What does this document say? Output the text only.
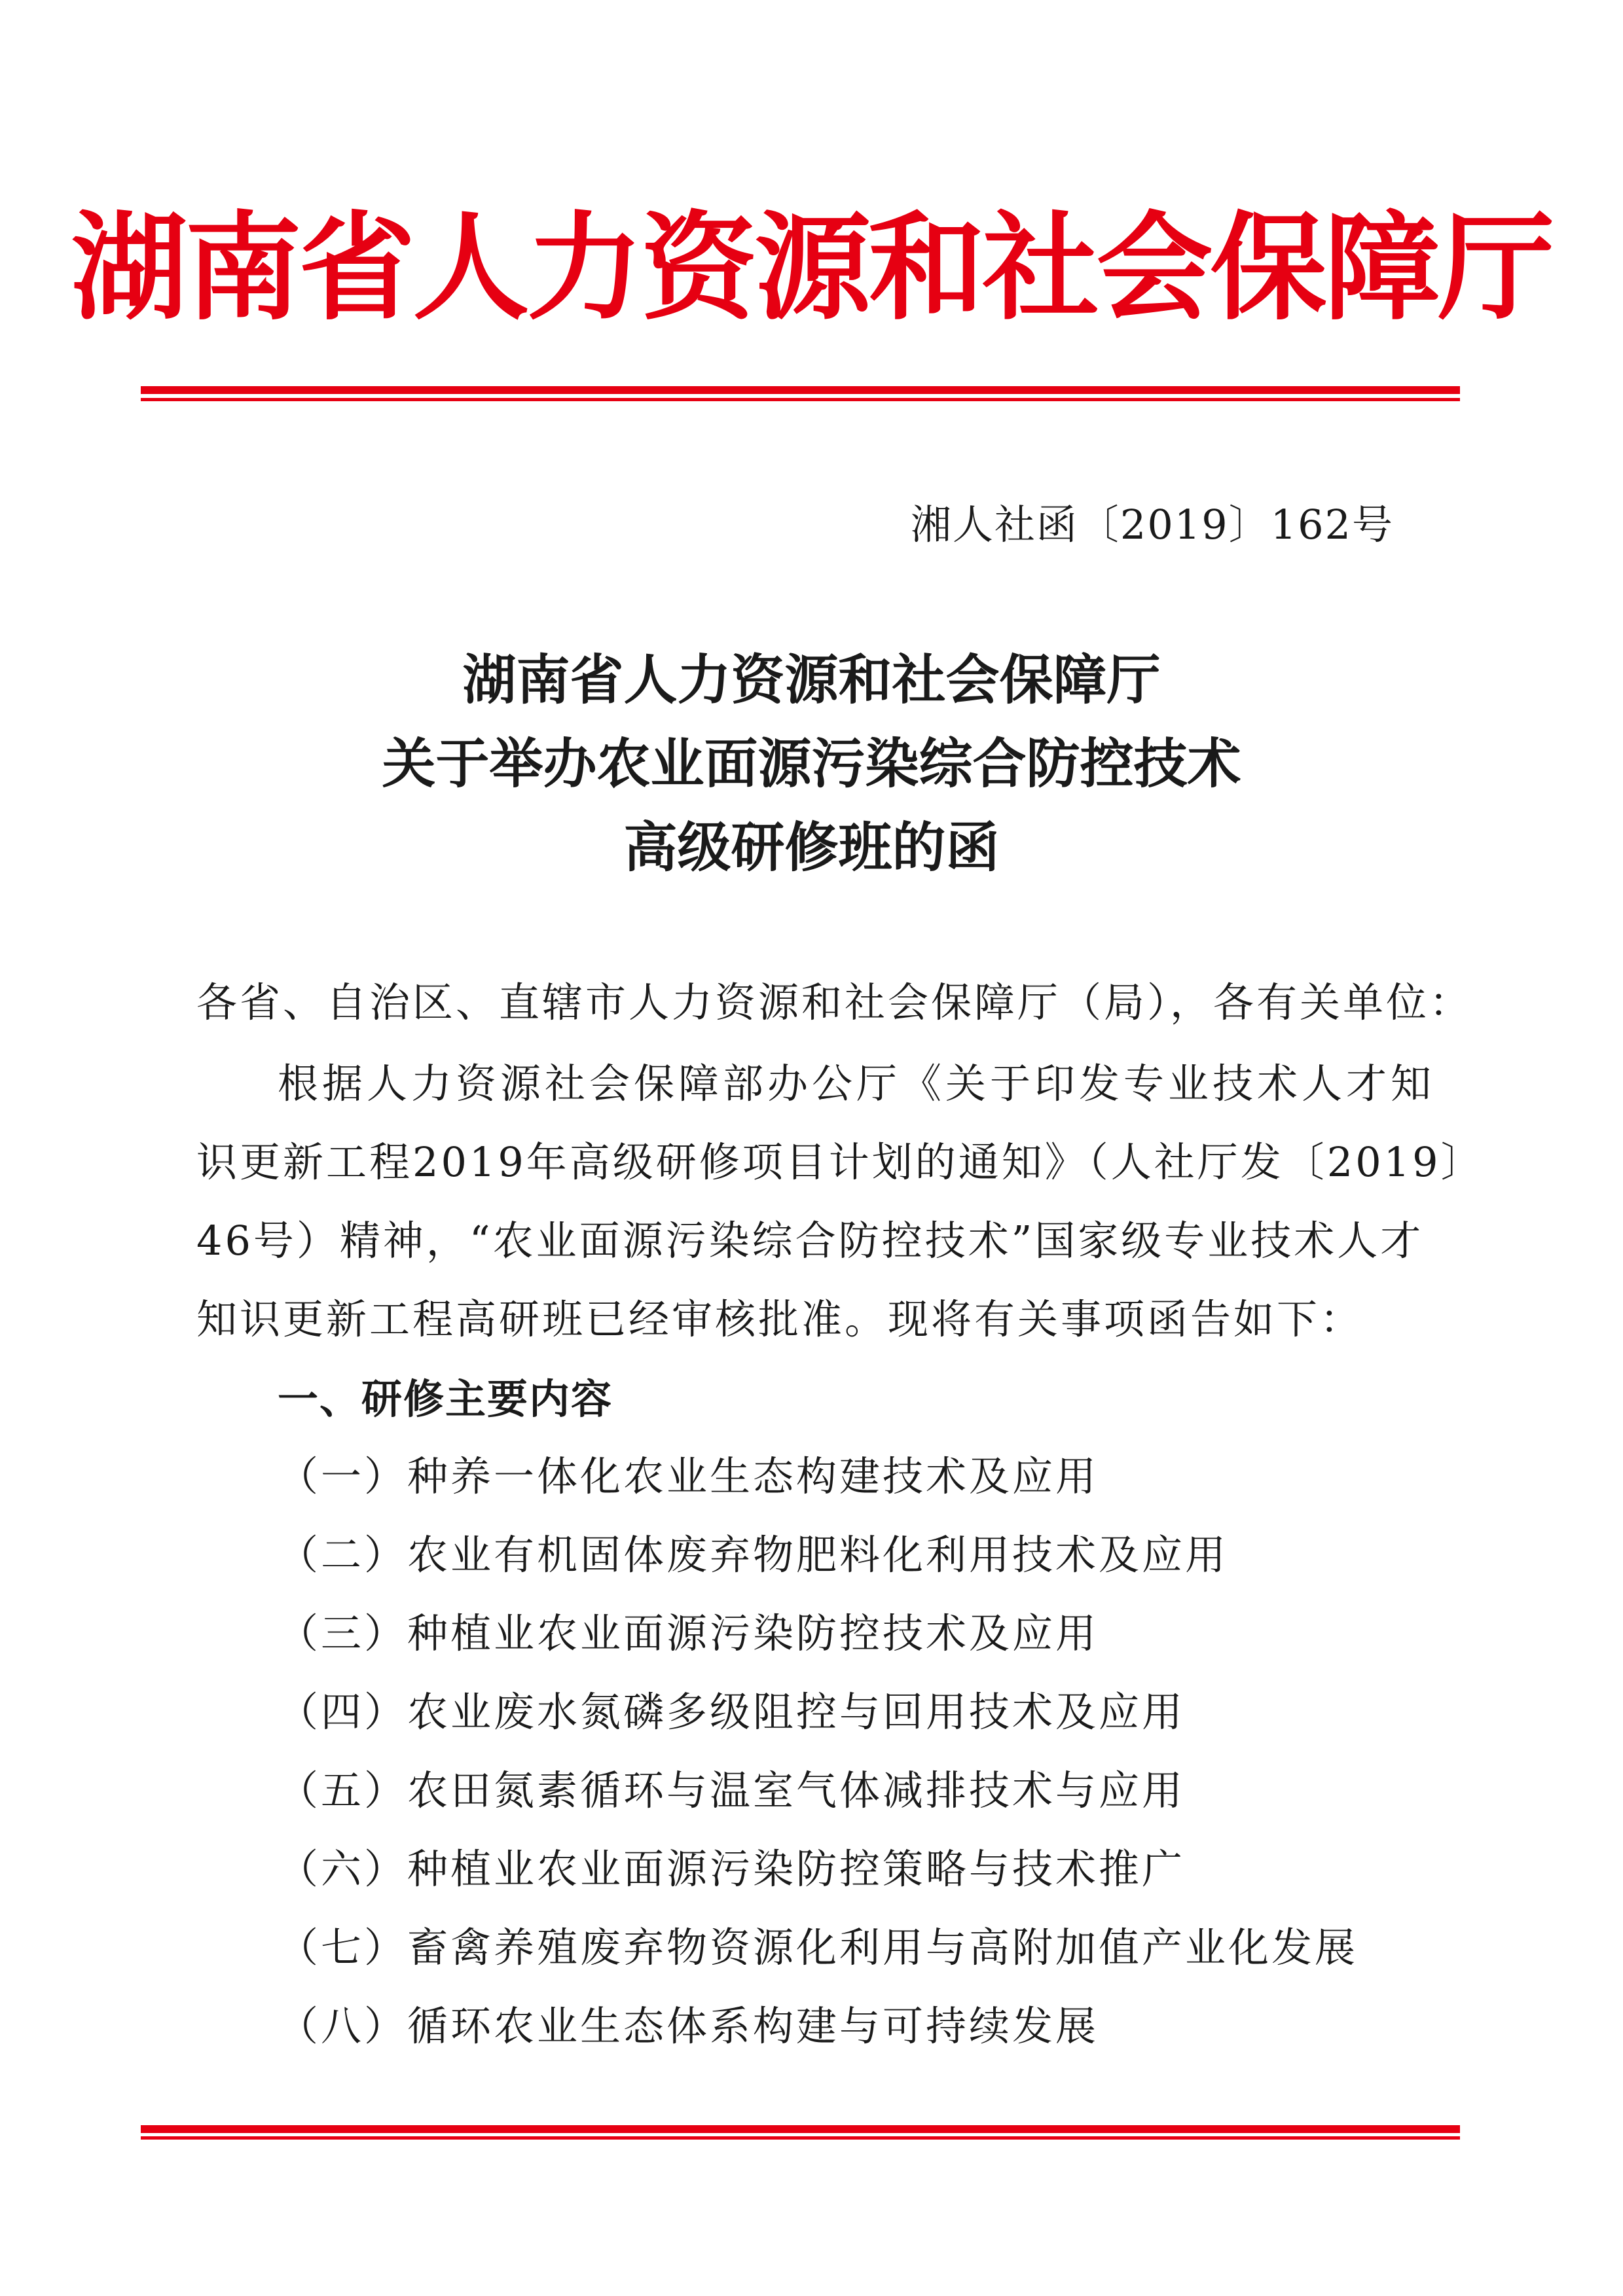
湖南省人力资源和社会保障厅
湘人社函〔2019〕162号
湖南省人力资源和社会保障厅
关于举办农业面源污染综合防控技术
高级研修班的函
各省、自治区、直辖市人力资源和社会保障厅（局），各有关单位：
根据人力资源社会保障部办公厅《关于印发专业技术人才知
识更新工程2019年高级研修项目计划的通知》（人社厅发〔2019〕
46号）精神，“农业面源污染综合防控技术”国家级专业技术人才
知识更新工程高研班已经审核批准。现将有关事项函告如下：
一、研修主要内容
（一）种养一体化农业生态构建技术及应用
（二）农业有机固体废弃物肥料化利用技术及应用
（三）种植业农业面源污染防控技术及应用
（四）农业废水氮磷多级阻控与回用技术及应用
（五）农田氮素循环与温室气体减排技术与应用
（六）种植业农业面源污染防控策略与技术推广
（七）畜禽养殖废弃物资源化利用与高附加值产业化发展
（八）循环农业生态体系构建与可持续发展
